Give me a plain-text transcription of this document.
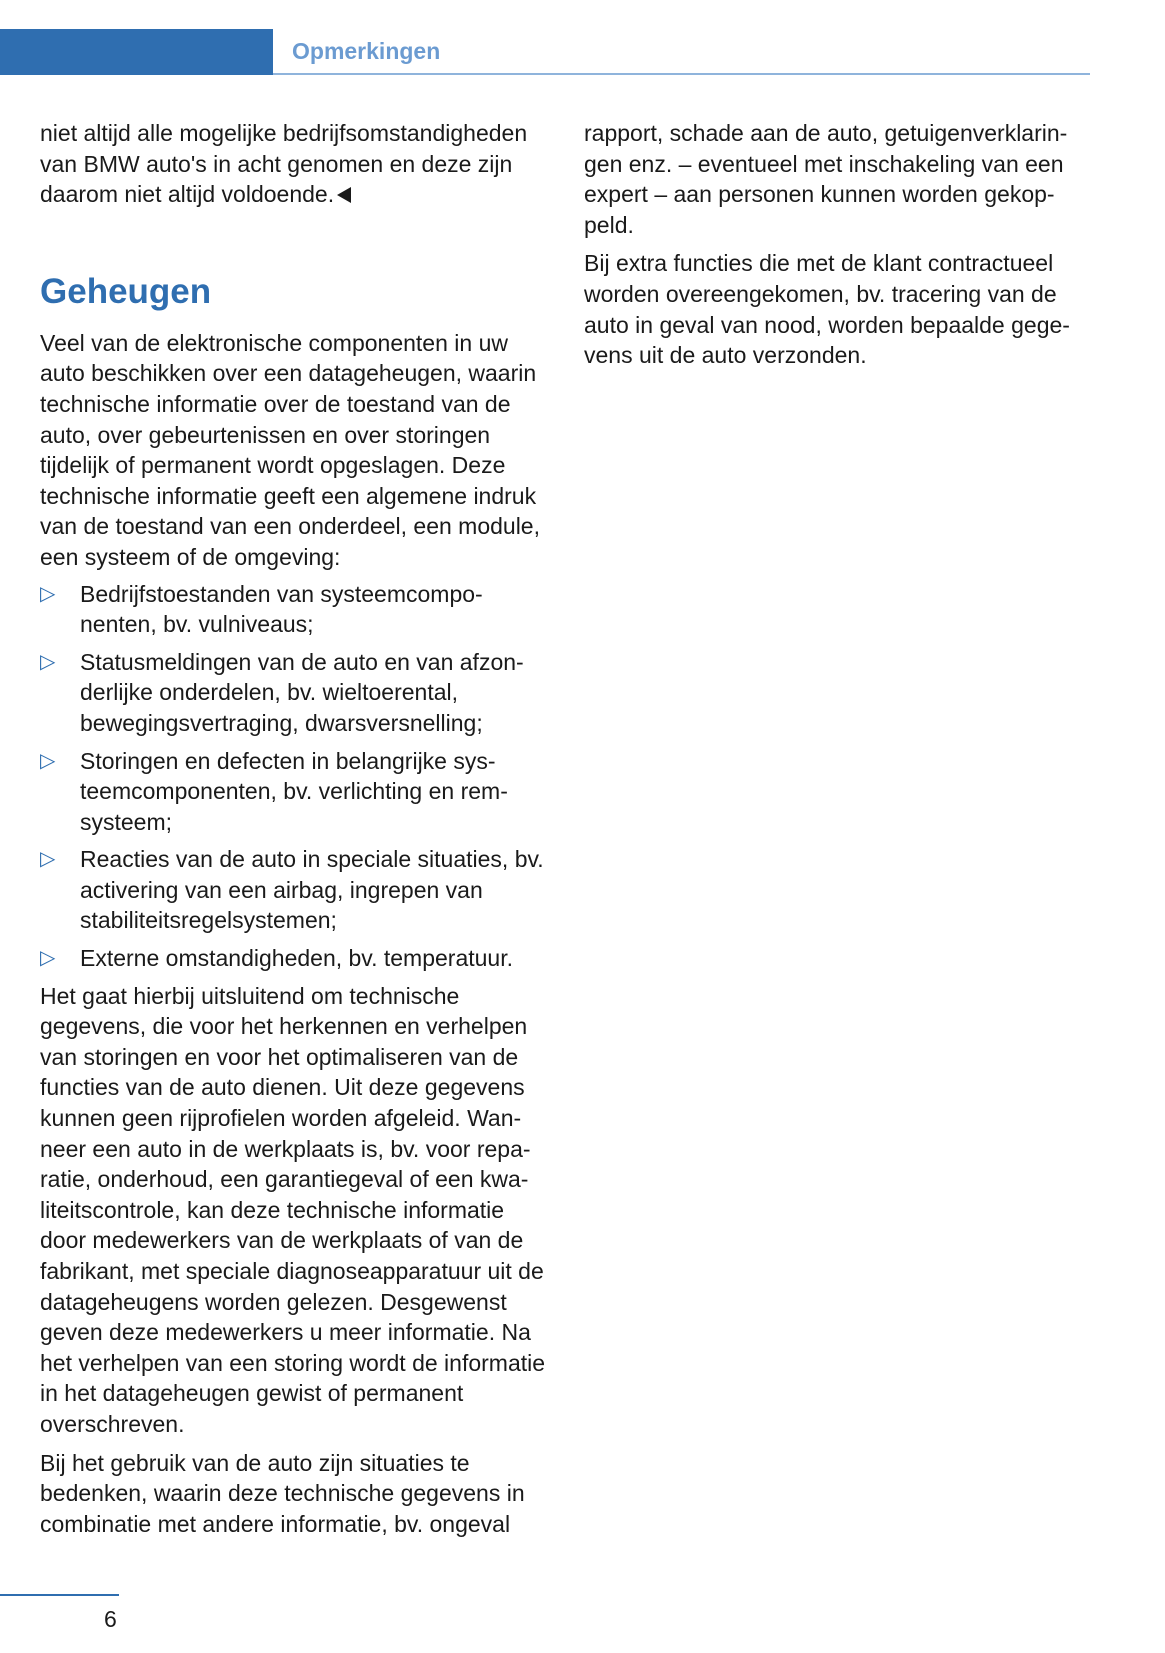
Opmerkingen

niet altijd alle mogelijke bedrijfsomstandigheden van BMW auto's in acht genomen en deze zijn daarom niet altijd voldoende.

Geheugen

Veel van de elektronische componenten in uw auto beschikken over een datageheugen, waarin technische informatie over de toestand van de auto, over gebeurtenissen en over storingen tijdelijk of permanent wordt opgeslagen. Deze technische informatie geeft een algemene indruk van de toestand van een onderdeel, een module, een systeem of de omgeving:

▷ Bedrijfstoestanden van systeemcomponenten, bv. vulniveaus;
▷ Statusmeldingen van de auto en van afzonderlijke onderdelen, bv. wieltoerental, bewegingsvertraging, dwarsversnelling;
▷ Storingen en defecten in belangrijke systeemcomponenten, bv. verlichting en remsysteem;
▷ Reacties van de auto in speciale situaties, bv. activering van een airbag, ingrepen van stabiliteitsregelsystemen;
▷ Externe omstandigheden, bv. temperatuur.

Het gaat hierbij uitsluitend om technische gegevens, die voor het herkennen en verhelpen van storingen en voor het optimaliseren van de functies van de auto dienen. Uit deze gegevens kunnen geen rijprofielen worden afgeleid. Wanneer een auto in de werkplaats is, bv. voor reparatie, onderhoud, een garantiegeval of een kwaliteitscontrole, kan deze technische informatie door medewerkers van de werkplaats of van de fabrikant, met speciale diagnoseapparatuur uit de datageheugens worden gelezen. Desgewenst geven deze medewerkers u meer informatie. Na het verhelpen van een storing wordt de informatie in het datageheugen gewist of permanent overschreven.

Bij het gebruik van de auto zijn situaties te bedenken, waarin deze technische gegevens in combinatie met andere informatie, bv. ongeval

rapport, schade aan de auto, getuigenverklaringen enz. – eventueel met inschakeling van een expert – aan personen kunnen worden gekoppeld.

Bij extra functies die met de klant contractueel worden overeengekomen, bv. tracering van de auto in geval van nood, worden bepaalde gegevens uit de auto verzonden.

6
